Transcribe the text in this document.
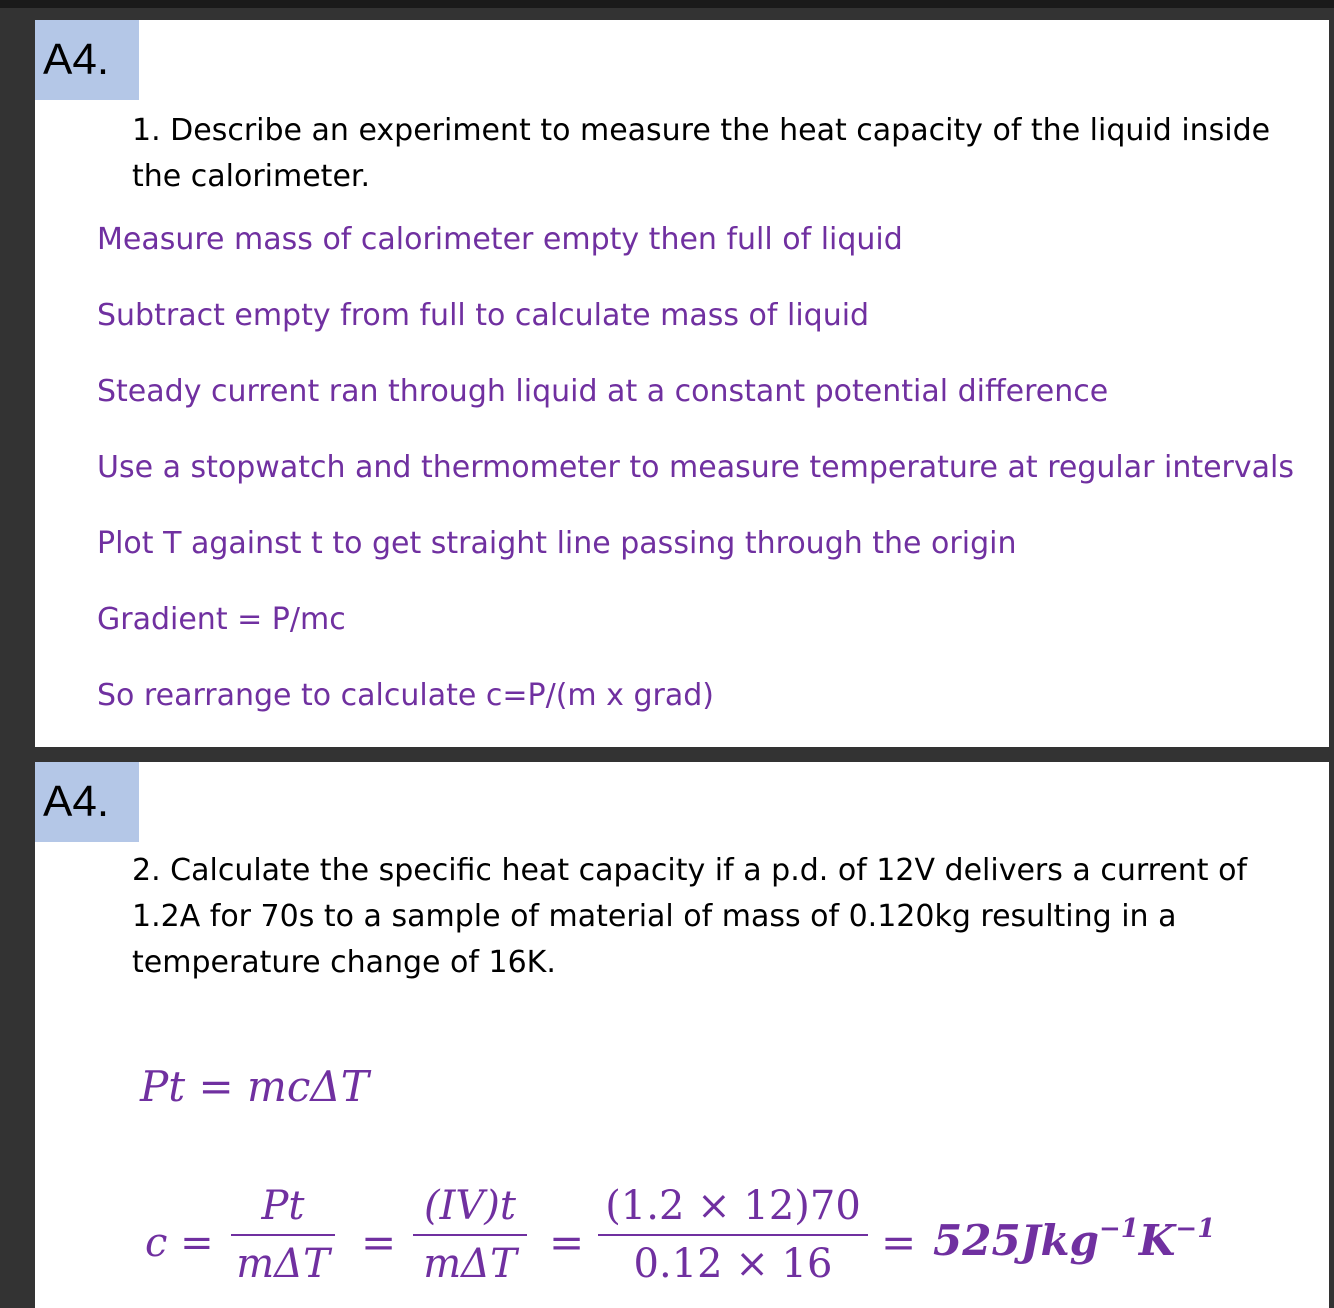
A4.
1. Describe an experiment to measure the heat capacity of the liquid inside the calorimeter.
Measure mass of calorimeter empty then full of liquid
Subtract empty from full to calculate mass of liquid
Steady current ran through liquid at a constant potential difference
Use a stopwatch and thermometer to measure temperature at regular intervals
Plot T against t to get straight line passing through the origin
Gradient = P/mc
So rearrange to calculate c=P/(m x grad)
A4.
2. Calculate the specific heat capacity if a p.d. of 12V delivers a current of 1.2A for 70s to a sample of material of mass of 0.120kg resulting in a temperature change of 16K.
Pt = mcΔT
c =
Pt
mΔT =
(IV)t
mΔT =
(1.2 × 12)70
0.12 × 16	= $525Jkg^{-1}K^{-1}$
